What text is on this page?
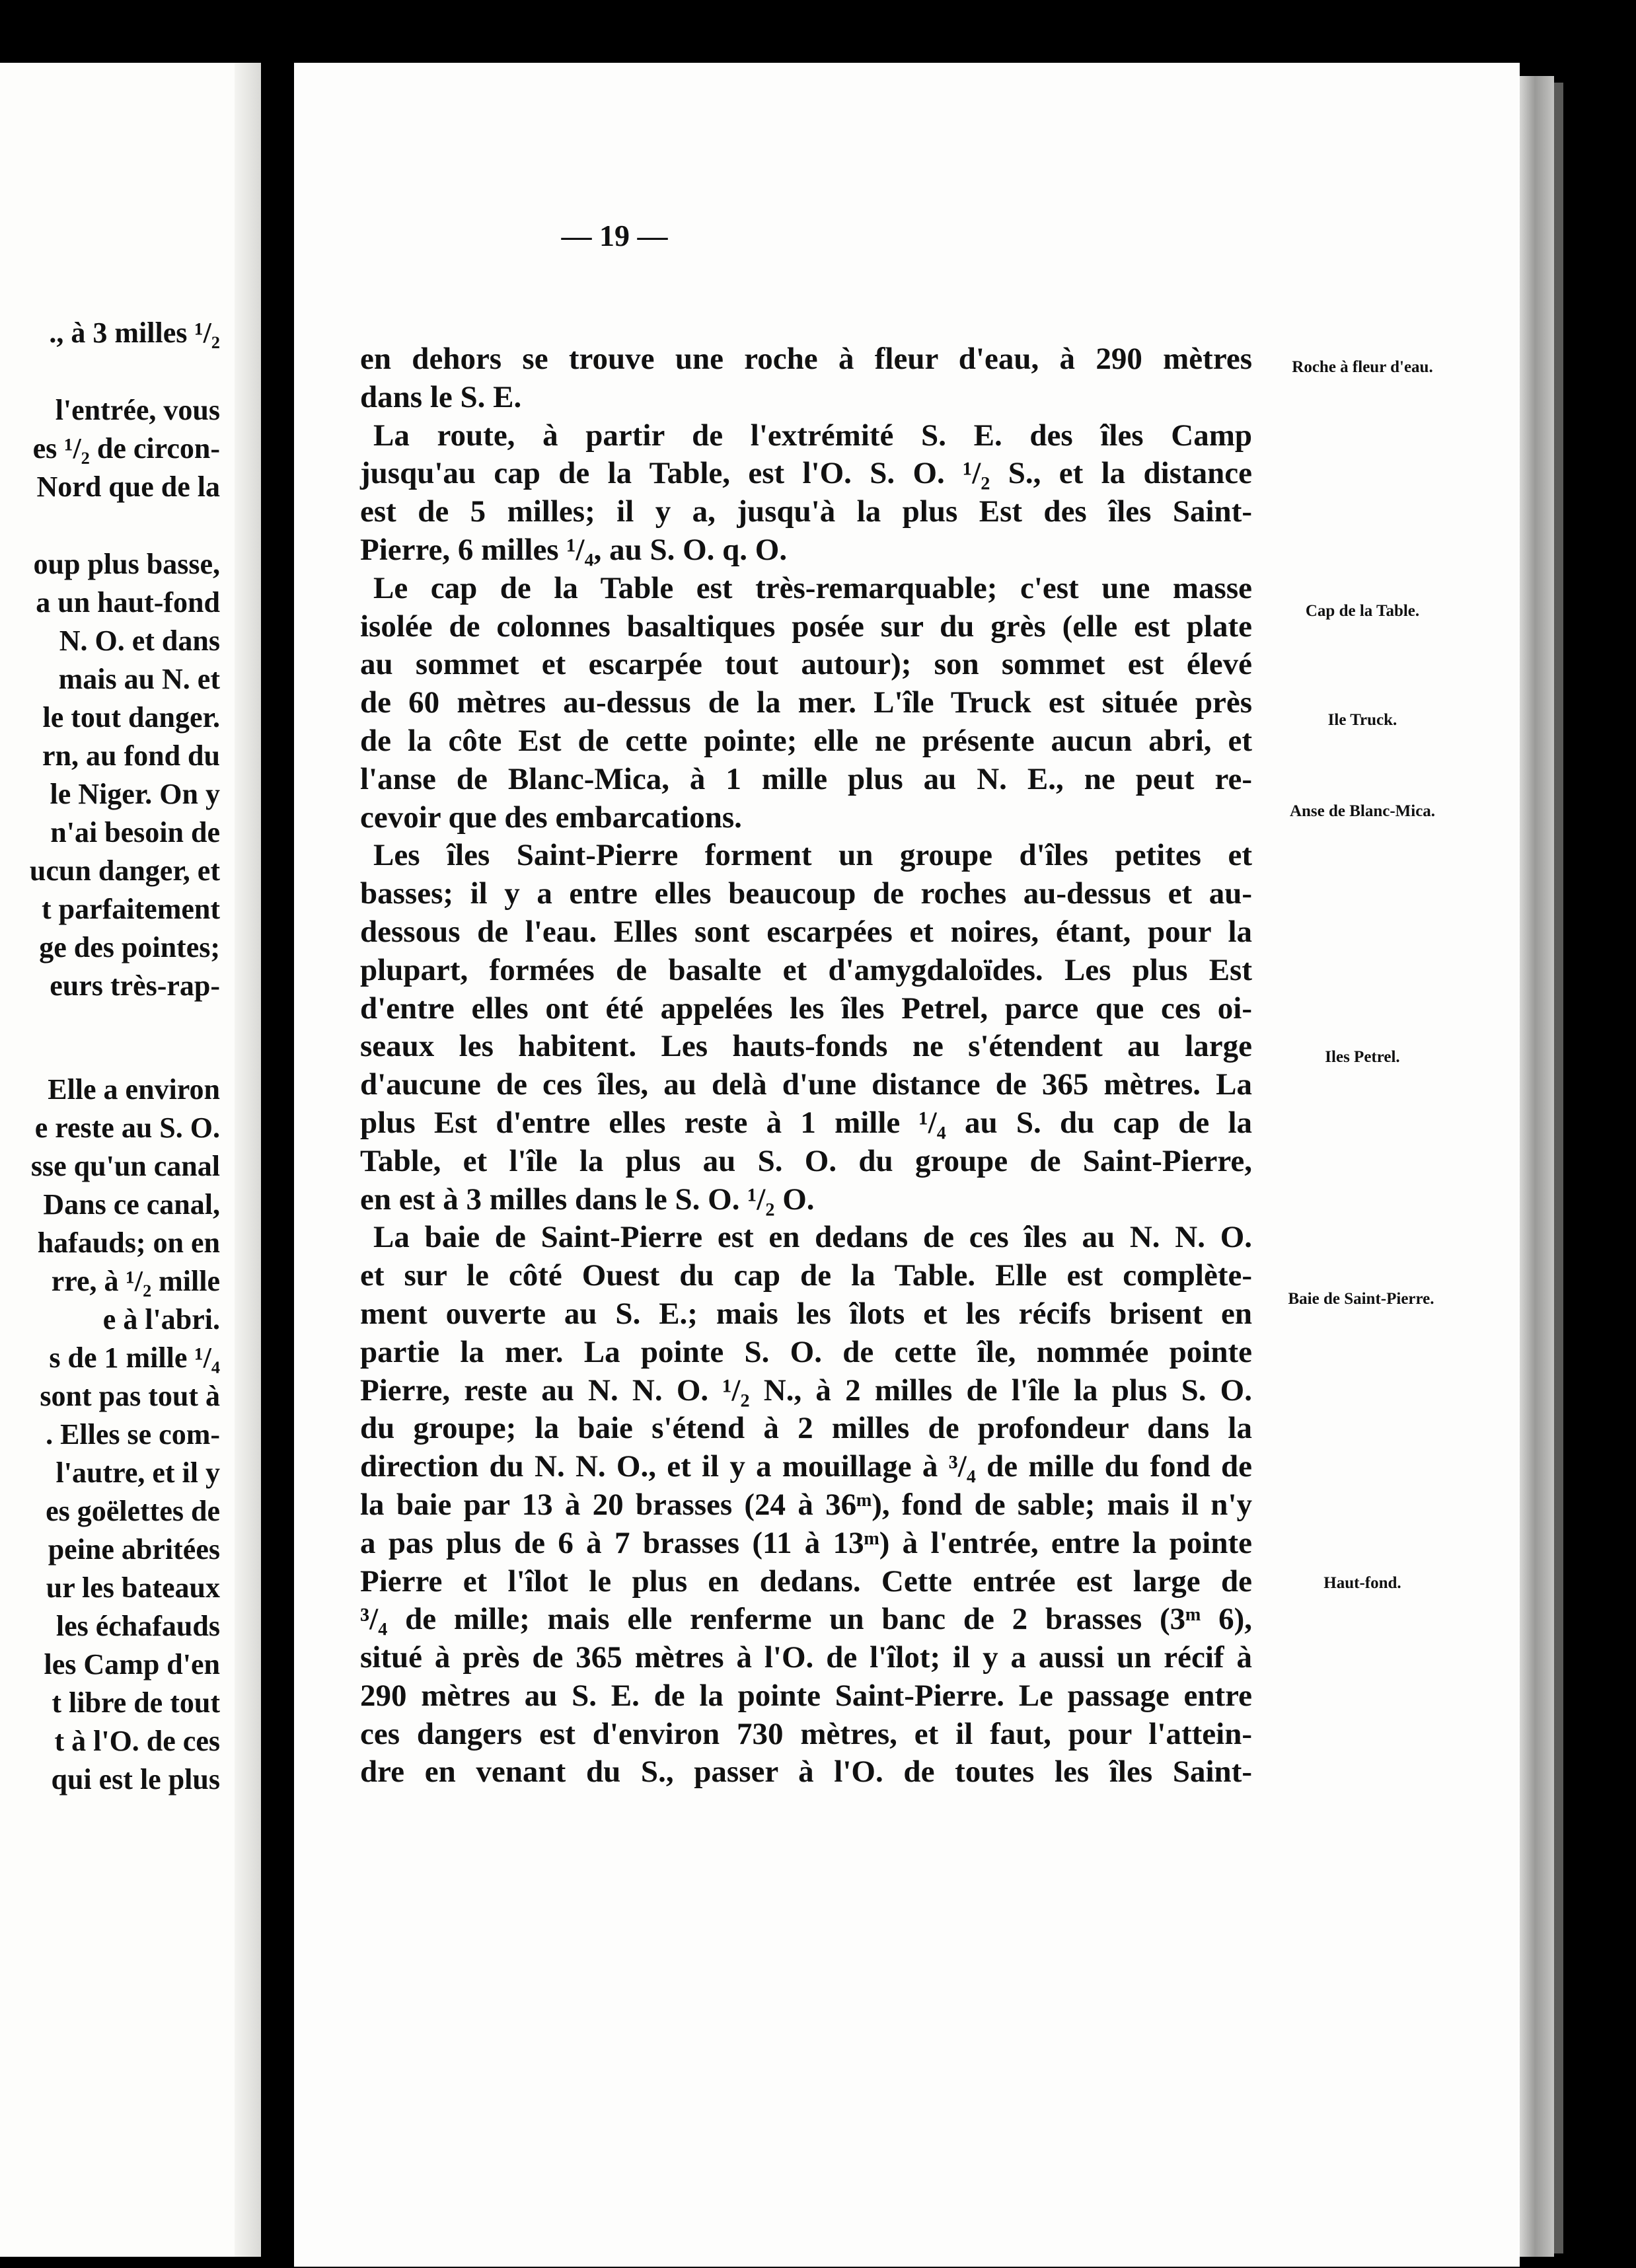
., à 3 milles ¹/₂
l'entrée, vous
es ¹/₂ de circon-
Nord que de la
oup plus basse,
a un haut-fond
N. O. et dans
mais au N. et
le tout danger.
rn, au fond du
le Niger. On y
n'ai besoin de
ucun danger, et
t parfaitement
ge des pointes;
eurs très-rap-
Elle a environ
e reste au S. O.
sse qu'un canal
Dans ce canal,
hafauds; on en
rre, à ¹/₂ mille
e à l'abri.
s de 1 mille ¹/₄
sont pas tout à
. Elles se com-
l'autre, et il y
es goëlettes de
peine abritées
ur les bateaux
les échafauds
les Camp d'en
t libre de tout
t à l'O. de ces
qui est le plus
— 19 —
en dehors se trouve une roche à fleur d'eau, à 290 mètres
dans le S. E.
La route, à partir de l'extrémité S. E. des îles Camp
jusqu'au cap de la Table, est l'O. S. O. ¹/₂ S., et la distance
est de 5 milles; il y a, jusqu'à la plus Est des îles Saint-
Pierre, 6 milles ¹/₄, au S. O. q. O.
Le cap de la Table est très-remarquable; c'est une masse
isolée de colonnes basaltiques posée sur du grès (elle est plate
au sommet et escarpée tout autour); son sommet est élevé
de 60 mètres au-dessus de la mer. L'île Truck est située près
de la côte Est de cette pointe; elle ne présente aucun abri, et
l'anse de Blanc-Mica, à 1 mille plus au N. E., ne peut re-
cevoir que des embarcations.
Les îles Saint-Pierre forment un groupe d'îles petites et
basses; il y a entre elles beaucoup de roches au-dessus et au-
dessous de l'eau. Elles sont escarpées et noires, étant, pour la
plupart, formées de basalte et d'amygdaloïdes. Les plus Est
d'entre elles ont été appelées les îles Petrel, parce que ces oi-
seaux les habitent. Les hauts-fonds ne s'étendent au large
d'aucune de ces îles, au delà d'une distance de 365 mètres. La
plus Est d'entre elles reste à 1 mille ¹/₄ au S. du cap de la
Table, et l'île la plus au S. O. du groupe de Saint-Pierre,
en est à 3 milles dans le S. O. ¹/₂ O.
La baie de Saint-Pierre est en dedans de ces îles au N. N. O.
et sur le côté Ouest du cap de la Table. Elle est complète-
ment ouverte au S. E.; mais les îlots et les récifs brisent en
partie la mer. La pointe S. O. de cette île, nommée pointe
Pierre, reste au N. N. O. ¹/₂ N., à 2 milles de l'île la plus S. O.
du groupe; la baie s'étend à 2 milles de profondeur dans la
direction du N. N. O., et il y a mouillage à ³/₄ de mille du fond de
la baie par 13 à 20 brasses (24 à 36ᵐ), fond de sable; mais il n'y
a pas plus de 6 à 7 brasses (11 à 13ᵐ) à l'entrée, entre la pointe
Pierre et l'îlot le plus en dedans. Cette entrée est large de
³/₄ de mille; mais elle renferme un banc de 2 brasses (3ᵐ 6),
situé à près de 365 mètres à l'O. de l'îlot; il y a aussi un récif à
290 mètres au S. E. de la pointe Saint-Pierre. Le passage entre
ces dangers est d'environ 730 mètres, et il faut, pour l'attein-
dre en venant du S., passer à l'O. de toutes les îles Saint-
Roche à fleur d'eau.
Cap de la Table.
Ile Truck.
Anse de Blanc-Mica.
Iles Petrel.
Baie de Saint-Pierre.
Haut-fond.
